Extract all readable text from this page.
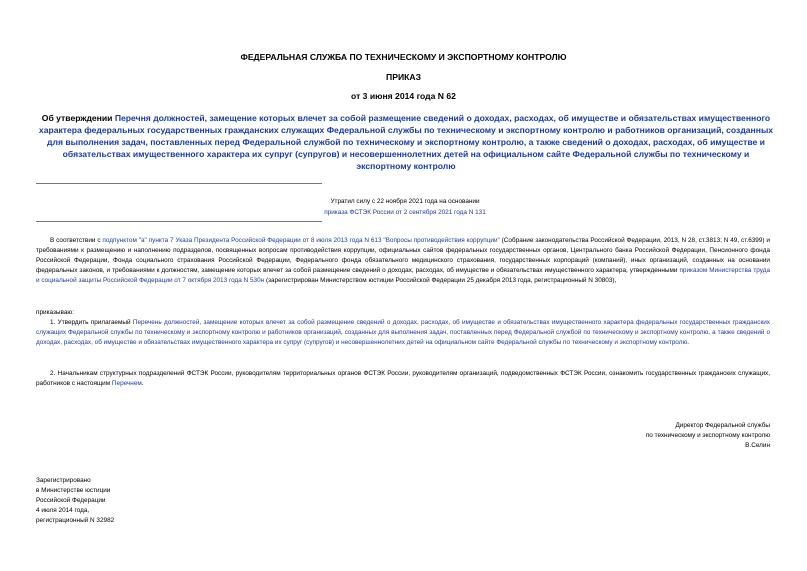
ФЕДЕРАЛЬНАЯ СЛУЖБА ПО ТЕХНИЧЕСКОМУ И ЭКСПОРТНОМУ КОНТРОЛЮ
ПРИКАЗ
от 3 июня 2014 года N 62
Об утверждении Перечня должностей, замещение которых влечет за собой размещение сведений о доходах, расходах, об имуществе и обязательствах имущественного характера федеральных государственных гражданских служащих Федеральной службы по техническому и экспортному контролю и работников организаций, созданных для выполнения задач, поставленных перед Федеральной службой по техническому и экспортному контролю, а также сведений о доходах, расходах, об имуществе и обязательствах имущественного характера их супруг (супругов) и несовершеннолетних детей на официальном сайте Федеральной службы по техническому и экспортному контролю
Утратил силу с 22 ноября 2021 года на основании
приказа ФСТЭК России от 2 сентября 2021 года N 131
В соответствии с подпунктом "а" пункта 7 Указа Президента Российской Федерации от 8 июля 2013 года N 613 "Вопросы противодействия коррупции" (Собрание законодательства Российской Федерации, 2013, N 28, ст.3813; N 49, ст.6399) и требованиями к размещению и наполнению подразделов, посвященных вопросам противодействия коррупции, официальных сайтов федеральных государственных органов, Центрального банка Российской Федерации, Пенсионного фонда Российской Федерации, Фонда социального страхования Российской Федерации, Федерального фонда обязательного медицинского страхования, государственных корпораций (компаний), иных организаций, созданных на основании федеральных законов, и требованиями к должностям, замещение которых влечет за собой размещение сведений о доходах, расходах, об имуществе и обязательствах имущественного характера, утвержденными приказом Министерства труда и социальной защиты Российской Федерации от 7 октября 2013 года N 530н (зарегистрирован Министерством юстиции Российской Федерации 25 декабря 2013 года, регистрационный N 30803),
приказываю:
1. Утвердить прилагаемый Перечень должностей, замещение которых влечет за собой размещение сведений о доходах, расходах, об имуществе и обязательствах имущественного характера федеральных государственных гражданских служащих Федеральной службы по техническому и экспортному контролю и работников организаций, созданных для выполнения задач, поставленных перед Федеральной службой по техническому и экспортному контролю, а также сведений о доходах, расходах, об имуществе и обязательствах имущественного характера их супруг (супругов) и несовершеннолетних детей на официальном сайте Федеральной службы по техническому и экспортному контролю.
2. Начальникам структурных подразделений ФСТЭК России, руководителям территориальных органов ФСТЭК России, руководителям организаций, подведомственных ФСТЭК России, ознакомить государственных гражданских служащих, работников с настоящим Перечнем.
Директор Федеральной службы
по техническому и экспортному контролю
В.Селин
Зарегистрировано
в Министерстве юстиции
Российской Федерации
4 июля 2014 года,
регистрационный N 32982
